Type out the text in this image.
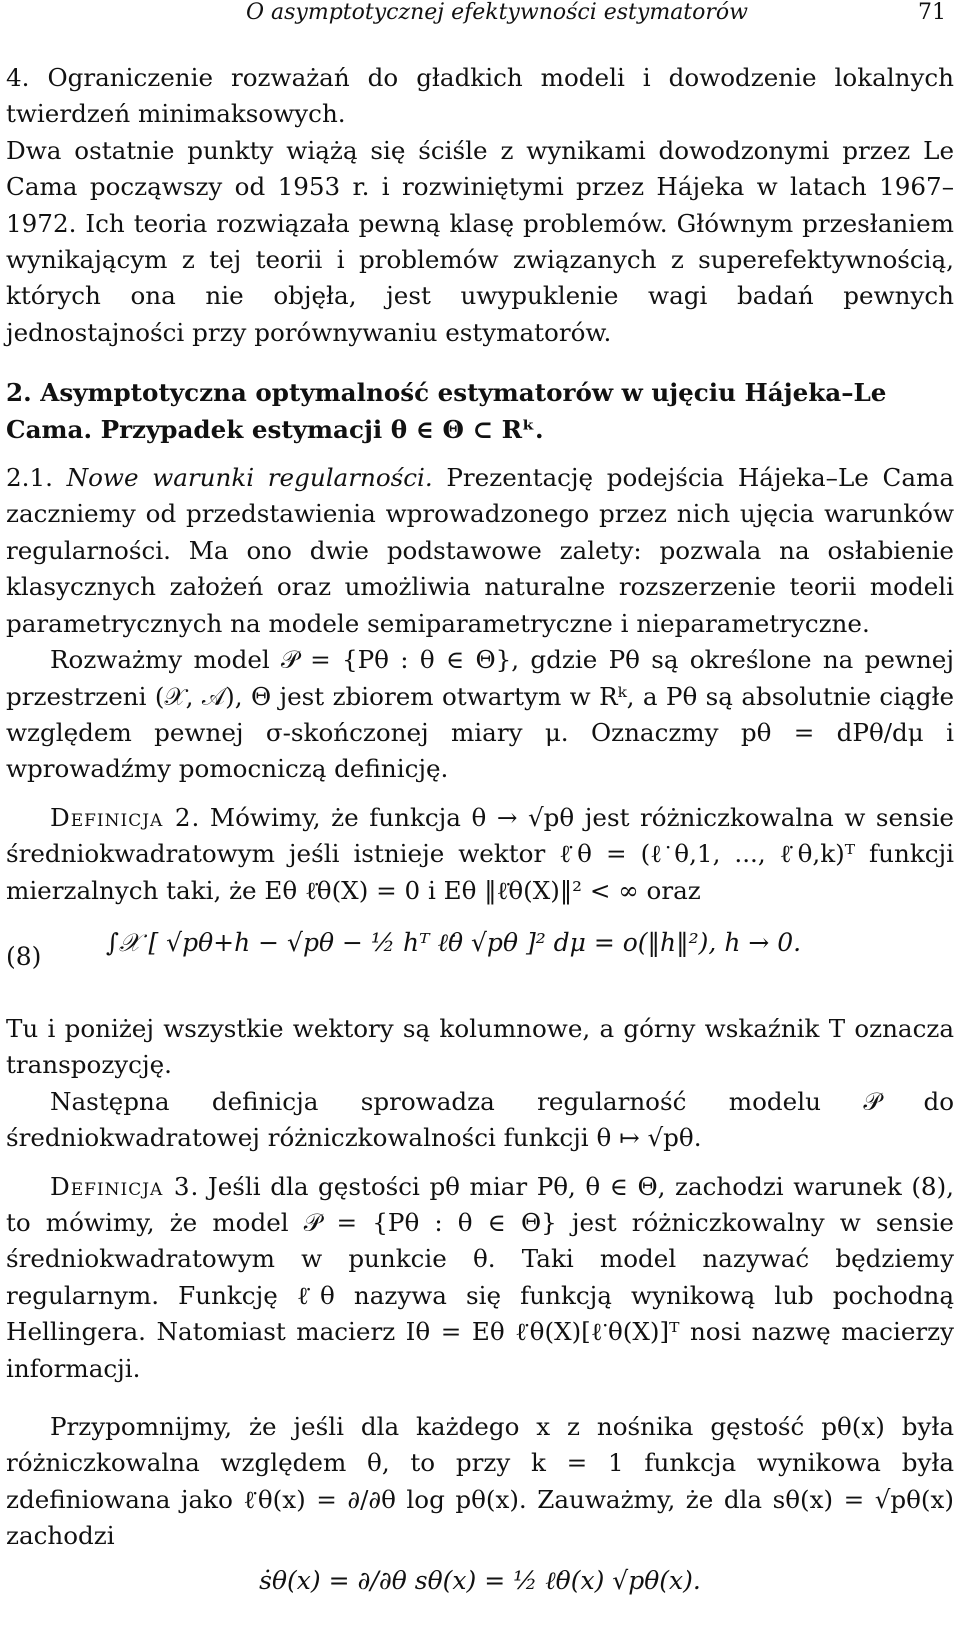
O asymptotycznej efektywności estymatorów	71

4. Ograniczenie rozważań do gładkich modeli i dowodzenie lokalnych twierdzeń minimaksowych.

Dwa ostatnie punkty wiążą się ściśle z wynikami dowodzonymi przez Le Cama począwszy od 1953 r. i rozwiniętymi przez Hájeka w latach 1967–1972. Ich teoria rozwiązała pewną klasę problemów. Głównym przesłaniem wynikającym z tej teorii i problemów związanych z superefektywnością, których ona nie objęła, jest uwypuklenie wagi badań pewnych jednostajności przy porównywaniu estymatorów.

2. Asymptotyczna optymalność estymatorów w ujęciu Hájeka–Le Cama. Przypadek estymacji θ ∈ Θ ⊂ Rᵏ.

2.1. Nowe warunki regularności. Prezentację podejścia Hájeka–Le Cama zaczniemy od przedstawienia wprowadzonego przez nich ujęcia warunków regularności. Ma ono dwie podstawowe zalety: pozwala na osłabienie klasycznych założeń oraz umożliwia naturalne rozszerzenie teorii modeli parametrycznych na modele semiparametryczne i nieparametryczne.

Rozważmy model 𝒫 = {Pθ : θ ∈ Θ}, gdzie Pθ są określone na pewnej przestrzeni (𝒳, 𝒜), Θ jest zbiorem otwartym w Rᵏ, a Pθ są absolutnie ciągłe względem pewnej σ-skończonej miary μ. Oznaczmy pθ = dPθ/dμ i wprowadźmy pomocniczą definicję.

Definicja 2. Mówimy, że funkcja θ → √pθ jest różniczkowalna w sensie średniokwadratowym jeśli istnieje wektor ℓ̇θ = (ℓ̇θ,1, ..., ℓ̇θ,k)ᵀ funkcji mierzalnych taki, że Eθ ℓ̇θ(X) = 0 i Eθ ‖ℓ̇θ(X)‖² < ∞ oraz

(8)	∫𝒳 [ √pθ+h − √pθ − ½ hᵀ ℓ̇θ √pθ ]² dμ = o(‖h‖²), h → 0.

Tu i poniżej wszystkie wektory są kolumnowe, a górny wskaźnik T oznacza transpozycję.

Następna definicja sprowadza regularność modelu 𝒫 do średniokwadratowej różniczkowalności funkcji θ ↦ √pθ.

Definicja 3. Jeśli dla gęstości pθ miar Pθ, θ ∈ Θ, zachodzi warunek (8), to mówimy, że model 𝒫 = {Pθ : θ ∈ Θ} jest różniczkowalny w sensie średniokwadratowym w punkcie θ. Taki model nazywać będziemy regularnym. Funkcję ℓ̇θ nazywa się funkcją wynikową lub pochodną Hellingera. Natomiast macierz Iθ = Eθ ℓ̇θ(X)[ℓ̇θ(X)]ᵀ nosi nazwę macierzy informacji.

Przypomnijmy, że jeśli dla każdego x z nośnika gęstość pθ(x) była różniczkowalna względem θ, to przy k = 1 funkcja wynikowa była zdefiniowana jako ℓ̇θ(x) = ∂/∂θ log pθ(x). Zauważmy, że dla sθ(x) = √pθ(x) zachodzi

ṡθ(x) = ∂/∂θ sθ(x) = ½ ℓ̇θ(x) √pθ(x).
